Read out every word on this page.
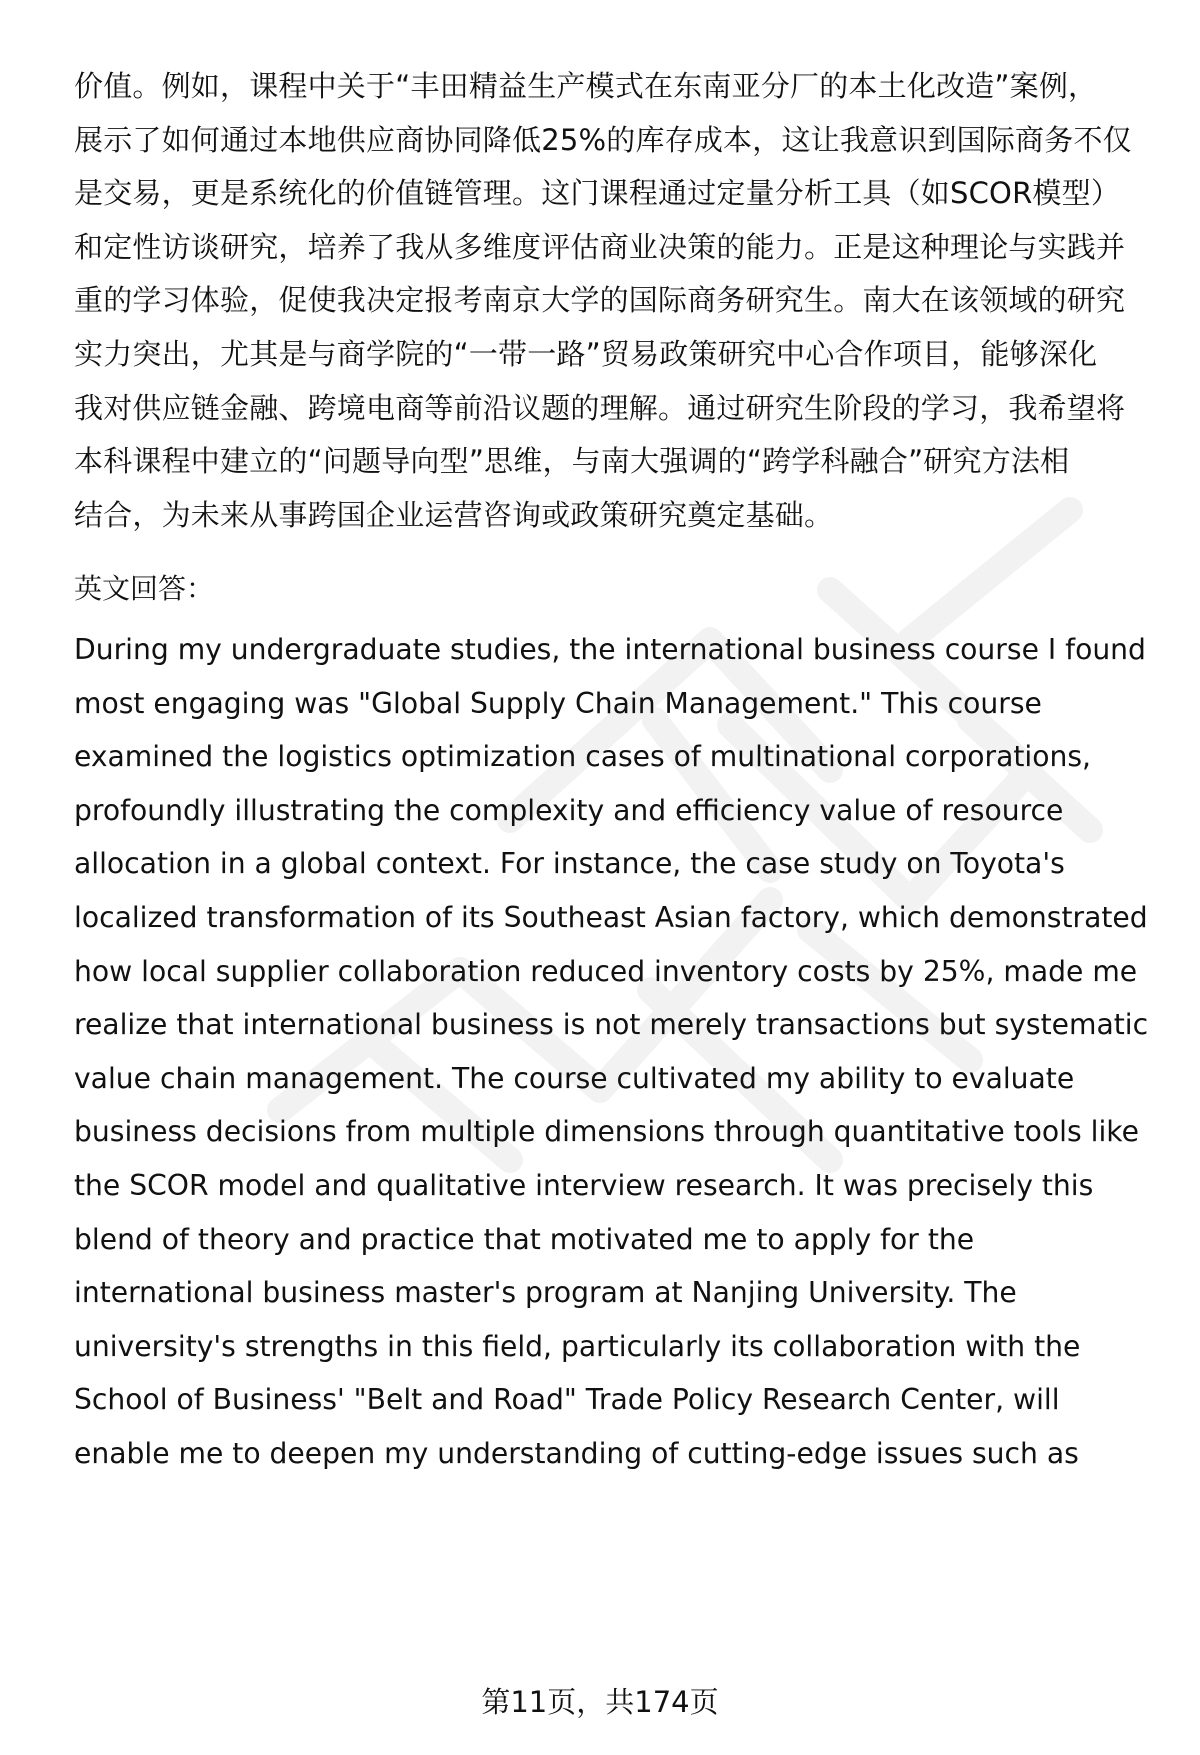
价值。例如，课程中关于“丰田精益生产模式在东南亚分厂的本土化改造”案例，
展示了如何通过本地供应商协同降低25%的库存成本，这让我意识到国际商务不仅
是交易，更是系统化的价值链管理。这门课程通过定量分析工具（如SCOR模型）
和定性访谈研究，培养了我从多维度评估商业决策的能力。正是这种理论与实践并
重的学习体验，促使我决定报考南京大学的国际商务研究生。南大在该领域的研究
实力突出，尤其是与商学院的“一带一路”贸易政策研究中心合作项目，能够深化
我对供应链金融、跨境电商等前沿议题的理解。通过研究生阶段的学习，我希望将
本科课程中建立的“问题导向型”思维，与南大强调的“跨学科融合”研究方法相
结合，为未来从事跨国企业运营咨询或政策研究奠定基础。
英文回答：
During my undergraduate studies, the international business course I found
most engaging was "Global Supply Chain Management." This course
examined the logistics optimization cases of multinational corporations,
profoundly illustrating the complexity and efficiency value of resource
allocation in a global context. For instance, the case study on Toyota's
localized transformation of its Southeast Asian factory, which demonstrated
how local supplier collaboration reduced inventory costs by 25%, made me
realize that international business is not merely transactions but systematic
value chain management. The course cultivated my ability to evaluate
business decisions from multiple dimensions through quantitative tools like
the SCOR model and qualitative interview research. It was precisely this
blend of theory and practice that motivated me to apply for the
international business master's program at Nanjing University. The
university's strengths in this field, particularly its collaboration with the
School of Business' "Belt and Road" Trade Policy Research Center, will
enable me to deepen my understanding of cutting-edge issues such as
第11页，共174页
